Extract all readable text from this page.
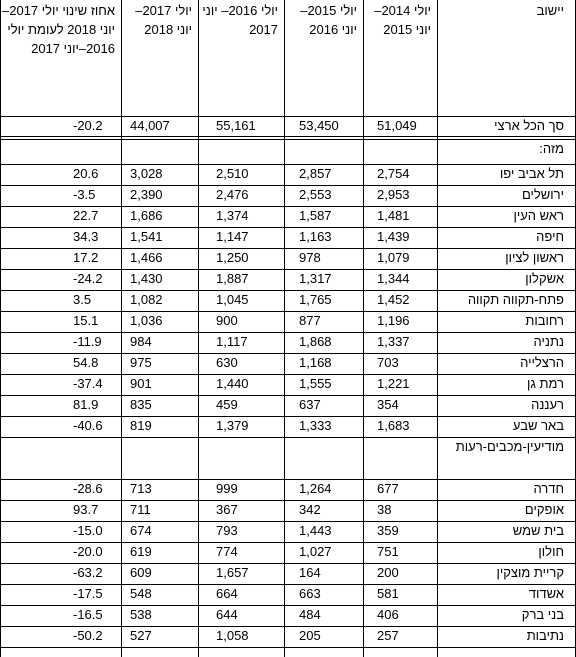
יישוב
יולי 2014– יוני 2015
יולי 2015– יוני 2016
יולי 2016– יוני 2017
יולי 2017– יוני 2018
אחוז שינוי יולי 2017–יוני 2018 לעומת יולי 2016–יוני 2017
סך הכל ארצי
51,049
53,450
55,161
44,007
-20.2
מזה:
תל אביב יפו
2,754
2,857
2,510
3,028
20.6
ירושלים
2,953
2,553
2,476
2,390
-3.5
ראש העין
1,481
1,587
1,374
1,686
22.7
חיפה
1,439
1,163
1,147
1,541
34.3
ראשון לציון
1,079
978
1,250
1,466
17.2
אשקלון
1,344
1,317
1,887
1,430
-24.2
פתח-תקווה תקווה
1,452
1,765
1,045
1,082
3.5
רחובות
1,196
877
900
1,036
15.1
נתניה
1,337
1,868
1,117
984
-11.9
הרצלייה
703
1,168
630
975
54.8
רמת גן
1,221
1,555
1,440
901
-37.4
רעננה
354
637
459
835
81.9
באר שבע
1,683
1,333
1,379
819
-40.6
מודיעין-מכבים-רעות
חדרה
677
1,264
999
713
-28.6
אופקים
38
342
367
711
93.7
בית שמש
359
1,443
793
674
-15.0
חולון
751
1,027
774
619
-20.0
קריית מוצקין
200
164
1,657
609
-63.2
אשדוד
581
663
664
548
-17.5
בני ברק
406
484
644
538
-16.5
נתיבות
257
205
1,058
527
-50.2
